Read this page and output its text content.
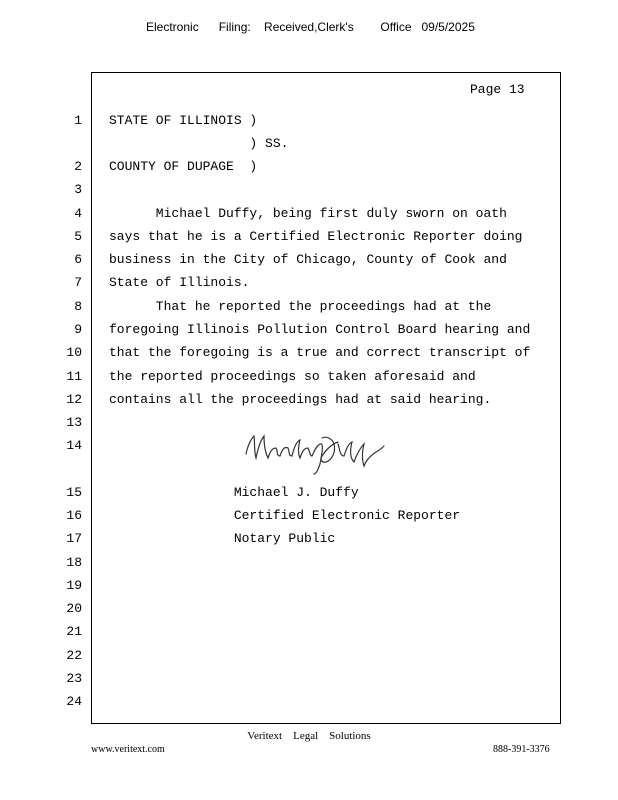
Electronic      Filing:    Received,Clerk's        Office   09/5/2025
Page 13
1
2
3
4
5
6
7
8
9
10
11
12
13
14
15
16
17
18
19
20
21
22
23
24
STATE OF ILLINOIS )
) SS.
COUNTY OF DUPAGE  )
Michael Duffy, being first duly sworn on oath
says that he is a Certified Electronic Reporter doing
business in the City of Chicago, County of Cook and
State of Illinois.
That he reported the proceedings had at the
foregoing Illinois Pollution Control Board hearing and
that the foregoing is a true and correct transcript of
the reported proceedings so taken aforesaid and
contains all the proceedings had at said hearing.
Michael J. Duffy
Certified Electronic Reporter
Notary Public
Veritext    Legal    Solutions
www.veritext.com	888-391-3376
